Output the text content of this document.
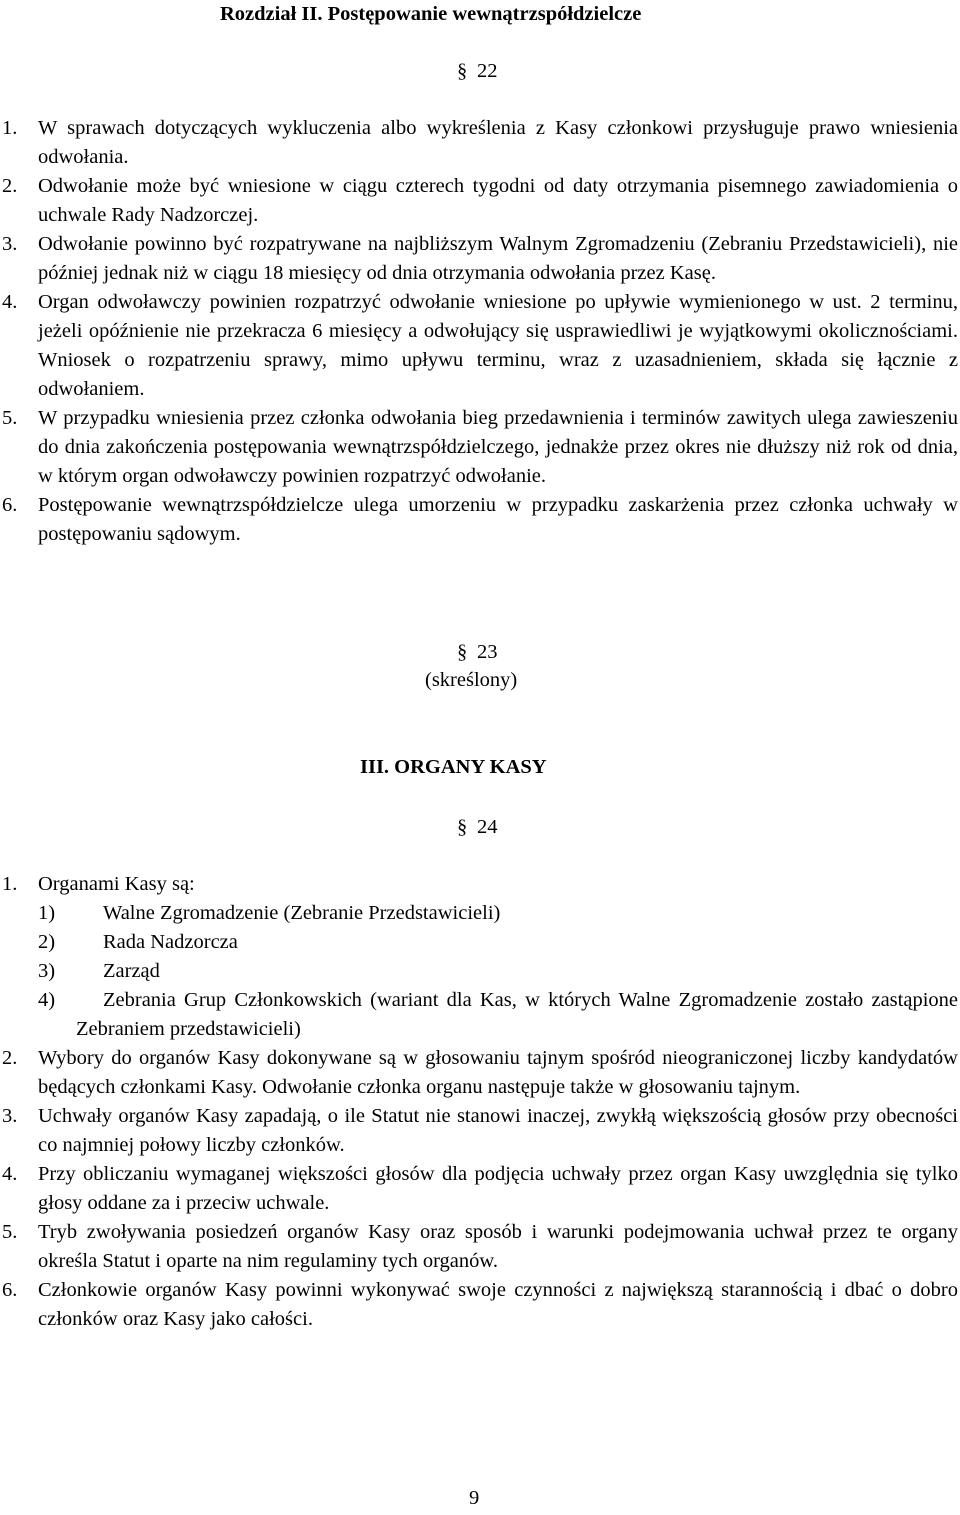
Rozdział II. Postępowanie wewnątrzspółdzielcze
§ 22
1. W sprawach dotyczących wykluczenia albo wykreślenia z Kasy członkowi przysługuje prawo wniesienia odwołania.
2. Odwołanie może być wniesione w ciągu czterech tygodni od daty otrzymania pisemnego zawiadomienia o uchwale Rady Nadzorczej.
3. Odwołanie powinno być rozpatrywane na najbliższym Walnym Zgromadzeniu (Zebraniu Przedstawicieli), nie później jednak niż w ciągu 18 miesięcy od dnia otrzymania odwołania przez Kasę.
4. Organ odwoławczy powinien rozpatrzyć odwołanie wniesione po upływie wymienionego w ust. 2 terminu, jeżeli opóźnienie nie przekracza 6 miesięcy a odwołujący się usprawiedliwi je wyjątkowymi okolicznościami. Wniosek o rozpatrzeniu sprawy, mimo upływu terminu, wraz z uzasadnieniem, składa się łącznie z odwołaniem.
5. W przypadku wniesienia przez członka odwołania bieg przedawnienia i terminów zawitych ulega zawieszeniu do dnia zakończenia postępowania wewnątrzspółdzielczego, jednakże przez okres nie dłuższy niż rok od dnia, w którym organ odwoławczy powinien rozpatrzyć odwołanie.
6. Postępowanie wewnątrzspółdzielcze ulega umorzeniu w przypadku zaskarżenia przez członka uchwały w postępowaniu sądowym.
§ 23
(skreślony)
III. ORGANY KASY
§ 24
1. Organami Kasy są:
1) Walne Zgromadzenie (Zebranie Przedstawicieli)
2) Rada Nadzorcza
3) Zarząd
4) Zebrania Grup Członkowskich (wariant dla Kas, w których Walne Zgromadzenie zostało zastąpione Zebraniem przedstawicieli)
2. Wybory do organów Kasy dokonywane są w głosowaniu tajnym spośród nieograniczonej liczby kandydatów będących członkami Kasy. Odwołanie członka organu następuje także w głosowaniu tajnym.
3. Uchwały organów Kasy zapadają, o ile Statut nie stanowi inaczej, zwykłą większością głosów przy obecności co najmniej połowy liczby członków.
4. Przy obliczaniu wymaganej większości głosów dla podjęcia uchwały przez organ Kasy uwzględnia się tylko głosy oddane za i przeciw uchwale.
5. Tryb zwoływania posiedzeń organów Kasy oraz sposób i warunki podejmowania uchwał przez te organy określa Statut i oparte na nim regulaminy tych organów.
6. Członkowie organów Kasy powinni wykonywać swoje czynności z największą starannością i dbać o dobro członków oraz Kasy jako całości.
9
